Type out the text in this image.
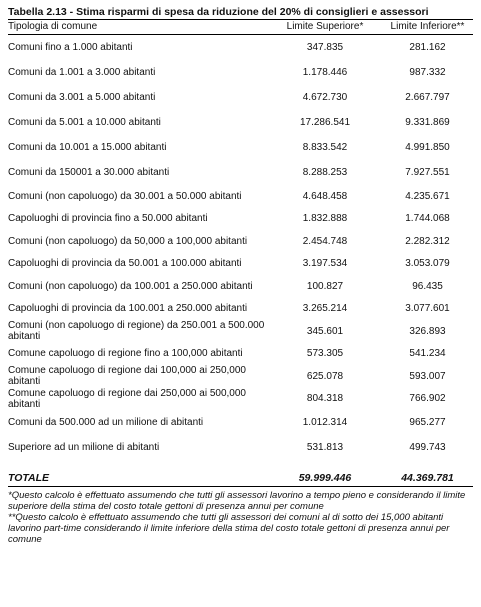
Tabella 2.13 - Stima risparmi di spesa da riduzione del 20% di consiglieri e assessori
Tipologia di comune	Limite Superiore*	Limite Inferiore**
Comuni fino a 1.000 abitanti	347.835	281.162
Comuni da 1.001 a 3.000 abitanti	1.178.446	987.332
Comuni da 3.001 a 5.000 abitanti	4.672.730	2.667.797
Comuni da 5.001 a 10.000 abitanti	17.286.541	9.331.869
Comuni da 10.001 a 15.000 abitanti	8.833.542	4.991.850
Comuni da 150001 a 30.000 abitanti	8.288.253	7.927.551
Comuni (non capoluogo) da 30.001 a 50.000 abitanti	4.648.458	4.235.671
Capoluoghi di provincia fino a 50.000 abitanti	1.832.888	1.744.068
Comuni (non capoluogo) da 50,000 a 100,000 abitanti	2.454.748	2.282.312
Capoluoghi di provincia da 50.001 a 100.000 abitanti	3.197.534	3.053.079
Comuni (non capoluogo) da 100.001 a 250.000 abitanti	100.827	96.435
Capoluoghi di provincia da 100.001 a 250.000 abitanti	3.265.214	3.077.601
Comuni (non capoluogo di regione) da 250.001 a 500.000 abitanti	345.601	326.893
Comune capoluogo di regione fino a 100,000 abitanti	573.305	541.234
Comune capoluogo di regione dai 100,000 ai 250,000 abitanti	625.078	593.007
Comune capoluogo di regione dai 250,000 ai 500,000 abitanti	804.318	766.902
Comuni da 500.000 ad un milione di abitanti	1.012.314	965.277
Superiore ad un milione di abitanti	531.813	499.743
TOTALE	59.999.446	44.369.781
*Questo calcolo è effettuato assumendo che tutti gli assessori lavorino a tempo pieno e considerando il limite superiore della stima del costo totale gettoni di presenza annui per comune
**Questo calcolo è effettuato assumendo che tutti gli assessori dei comuni al di sotto dei 15,000 abitanti lavorino part-time considerando il limite inferiore della stima del costo totale gettoni di presenza annui per comune
